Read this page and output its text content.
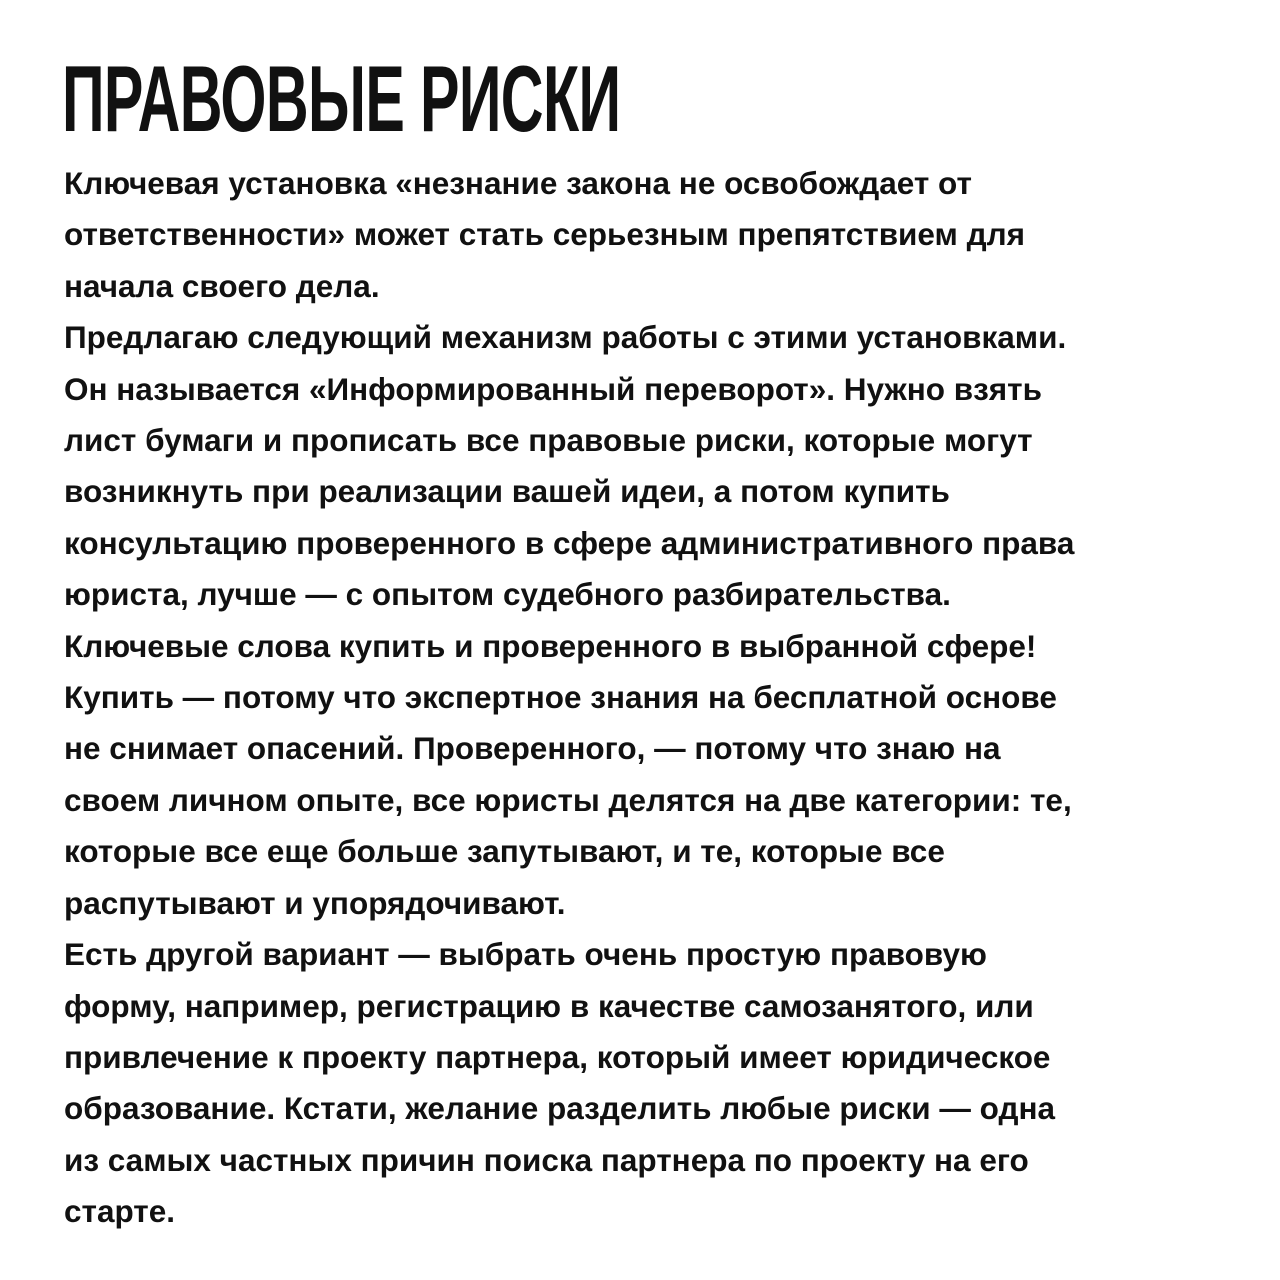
ПРАВОВЫЕ РИСКИ
Ключевая установка «незнание закона не освобождает от
ответственности» может стать серьезным препятствием для
начала своего дела.
Предлагаю следующий механизм работы с этими установками.
Он называется «Информированный переворот». Нужно взять
лист бумаги и прописать все правовые риски, которые могут
возникнуть при реализации вашей идеи, а потом купить
консультацию проверенного в сфере административного права
юриста, лучше — с опытом судебного разбирательства.
Ключевые слова купить и проверенного в выбранной сфере!
Купить — потому что экспертное знания на бесплатной основе
не снимает опасений. Проверенного, — потому что знаю на
своем личном опыте, все юристы делятся на две категории: те,
которые все еще больше запутывают, и те, которые все
распутывают и упорядочивают.
Есть другой вариант — выбрать очень простую правовую
форму, например, регистрацию в качестве самозанятого, или
привлечение к проекту партнера, который имеет юридическое
образование. Кстати, желание разделить любые риски — одна
из самых частных причин поиска партнера по проекту на его
старте.
